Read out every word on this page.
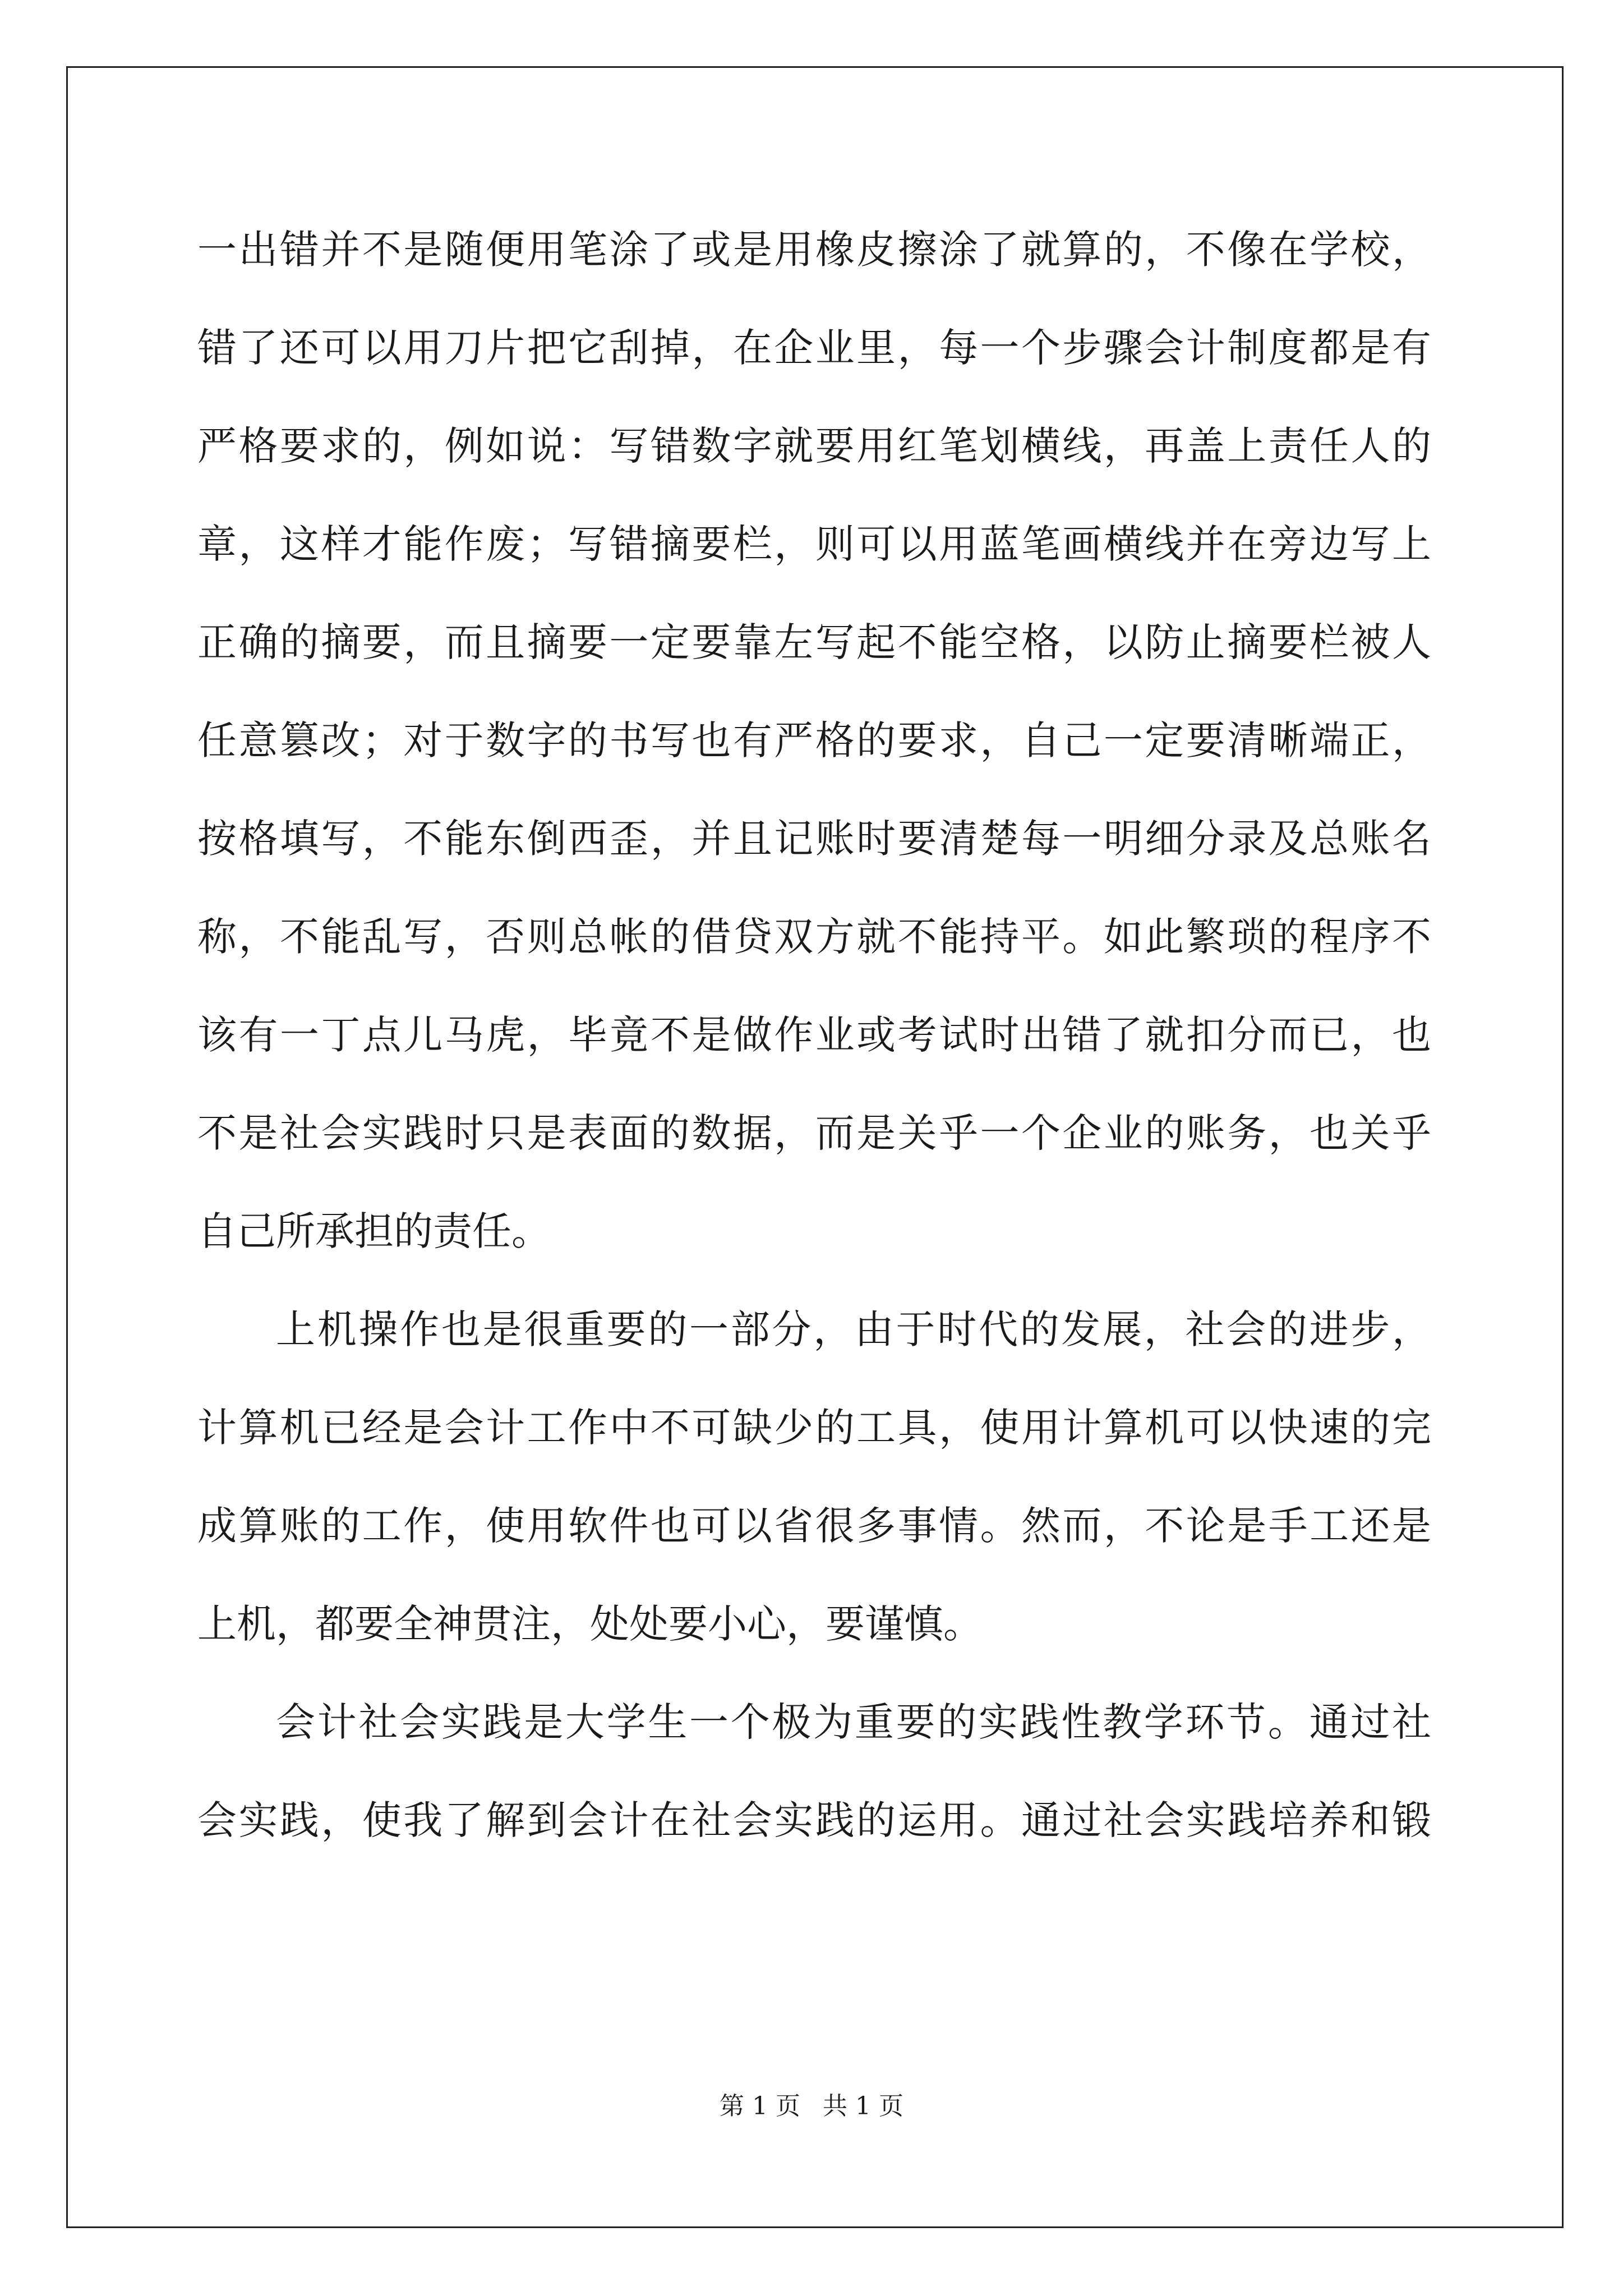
一出错并不是随便用笔涂了或是用橡皮擦涂了就算的，不像在学校，
错了还可以用刀片把它刮掉，在企业里，每一个步骤会计制度都是有
严格要求的，例如说：写错数字就要用红笔划横线，再盖上责任人的
章，这样才能作废；写错摘要栏，则可以用蓝笔画横线并在旁边写上
正确的摘要，而且摘要一定要靠左写起不能空格，以防止摘要栏被人
任意篡改；对于数字的书写也有严格的要求，自己一定要清晰端正，
按格填写，不能东倒西歪，并且记账时要清楚每一明细分录及总账名
称，不能乱写，否则总帐的借贷双方就不能持平。如此繁琐的程序不
该有一丁点儿马虎，毕竟不是做作业或考试时出错了就扣分而已，也
不是社会实践时只是表面的数据，而是关乎一个企业的账务，也关乎
自己所承担的责任。
上机操作也是很重要的一部分，由于时代的发展，社会的进步，
计算机已经是会计工作中不可缺少的工具，使用计算机可以快速的完
成算账的工作，使用软件也可以省很多事情。然而，不论是手工还是
上机，都要全神贯注，处处要小心，要谨慎。
会计社会实践是大学生一个极为重要的实践性教学环节。通过社
会实践，使我了解到会计在社会实践的运用。通过社会实践培养和锻
第 1 页 共 1 页
